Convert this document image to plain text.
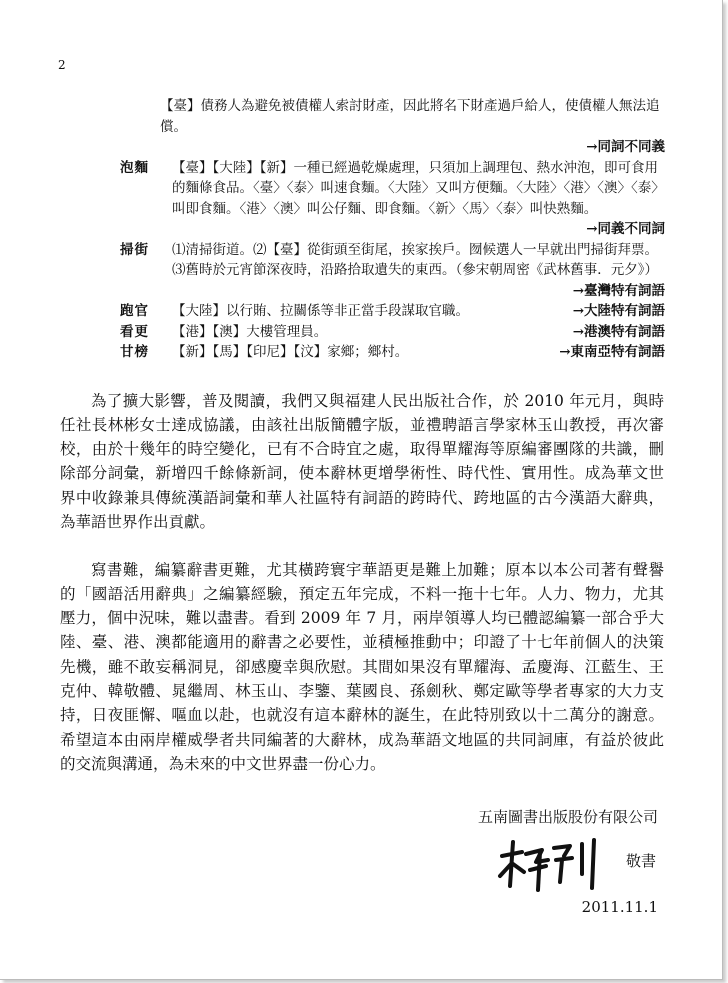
2
【臺】債務人為避免被債權人索討財產，因此將名下財產過戶給人，使債權人無法追償。
→同詞不同義
泡麵	【臺】【大陸】【新】一種已經過乾燥處理，只須加上調理包、熱水沖泡，即可食用的麵條食品。〈臺〉〈泰〉叫速食麵。〈大陸〉又叫方便麵。〈大陸〉〈港〉〈澳〉〈泰〉叫即食麵。〈港〉〈澳〉叫公仔麵、即食麵。〈新〉〈馬〉〈泰〉叫快熟麵。
→同義不同詞
掃街	⑴清掃街道。⑵【臺】從街頭至街尾，挨家挨戶。囫候選人一早就出門掃街拜票。⑶舊時於元宵節深夜時，沿路拾取遺失的東西。（參宋朝周密《武林舊事．元夕》）
→臺灣特有詞語
跑官	【大陸】以行賄、拉關係等非正當手段謀取官職。	→大陸特有詞語
看更	【港】【澳】大樓管理員。	→港澳特有詞語
甘榜	【新】【馬】【印尼】【汶】家鄉；鄉村。	→東南亞特有詞語

為了擴大影響，普及閱讀，我們又與福建人民出版社合作，於 2010 年元月，與時任社長林彬女士達成協議，由該社出版簡體字版，並禮聘語言學家林玉山教授，再次審校，由於十幾年的時空變化，已有不合時宜之處，取得單耀海等原編審團隊的共識，刪除部分詞彙，新增四千餘條新詞，使本辭林更增學術性、時代性、實用性。成為華文世界中收錄兼具傳統漢語詞彙和華人社區特有詞語的跨時代、跨地區的古今漢語大辭典，為華語世界作出貢獻。

寫書難，編纂辭書更難，尤其橫跨寰宇華語更是難上加難；原本以本公司著有聲譽的「國語活用辭典」之編纂經驗，預定五年完成，不料一拖十七年。人力、物力，尤其壓力，個中況味，難以盡書。看到 2009 年 7 月，兩岸領導人均已體認編纂一部合乎大陸、臺、港、澳都能適用的辭書之必要性，並積極推動中；印證了十七年前個人的決策先機，雖不敢妄稱洞見，卻感慶幸與欣慰。其間如果沒有單耀海、孟慶海、江藍生、王克仲、韓敬體、晁繼周、林玉山、李鑒、葉國良、孫劍秋、鄭定歐等學者專家的大力支持，日夜匪懈、嘔血以赴，也就沒有這本辭林的誕生，在此特別致以十二萬分的謝意。希望這本由兩岸權威學者共同編著的大辭林，成為華語文地區的共同詞庫，有益於彼此的交流與溝通，為未來的中文世界盡一份心力。

五南圖書出版股份有限公司
敬書
2011.11.1
